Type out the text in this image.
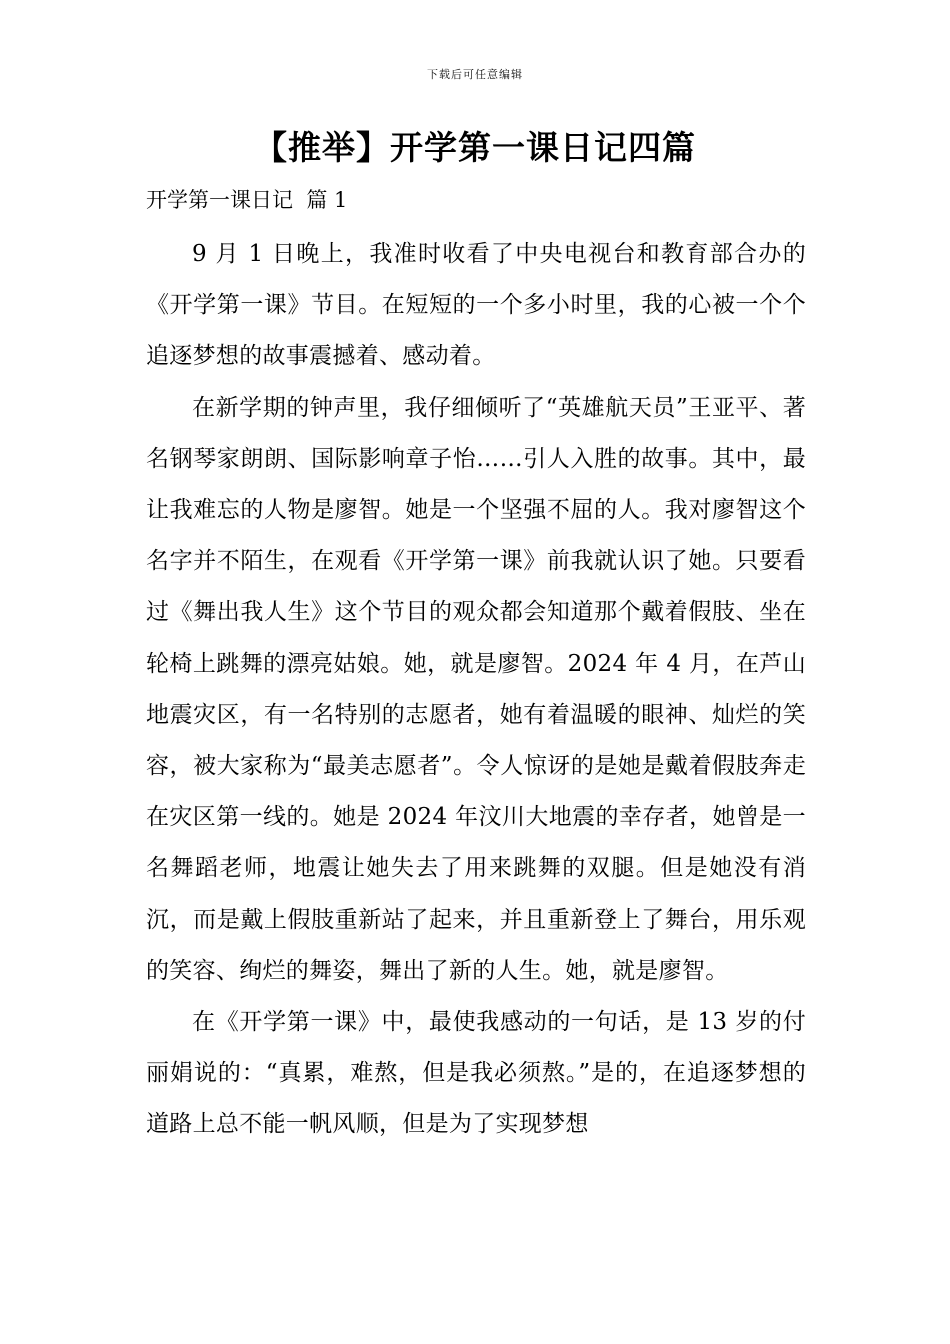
下载后可任意编辑
【推举】开学第一课日记四篇
开学第一课日记  篇 1

9 月 1 日晚上，我准时收看了中央电视台和教育部合办的《开学第一课》节目。在短短的一个多小时里，我的心被一个个追逐梦想的故事震撼着、感动着。

在新学期的钟声里，我仔细倾听了“英雄航天员”王亚平、著名钢琴家朗朗、国际影响章子怡……引人入胜的故事。其中，最让我难忘的人物是廖智。她是一个坚强不屈的人。我对廖智这个名字并不陌生，在观看《开学第一课》前我就认识了她。只要看过《舞出我人生》这个节目的观众都会知道那个戴着假肢、坐在轮椅上跳舞的漂亮姑娘。她，就是廖智。2024 年 4 月，在芦山地震灾区，有一名特别的志愿者，她有着温暖的眼神、灿烂的笑容，被大家称为“最美志愿者”。令人惊讶的是她是戴着假肢奔走在灾区第一线的。她是 2024 年汶川大地震的幸存者，她曾是一名舞蹈老师，地震让她失去了用来跳舞的双腿。但是她没有消沉，而是戴上假肢重新站了起来，并且重新登上了舞台，用乐观的笑容、绚烂的舞姿，舞出了新的人生。她，就是廖智。

在《开学第一课》中，最使我感动的一句话，是 13 岁的付丽娟说的：“真累，难熬，但是我必须熬。”是的，在追逐梦想的道路上总不能一帆风顺，但是为了实现梦想
